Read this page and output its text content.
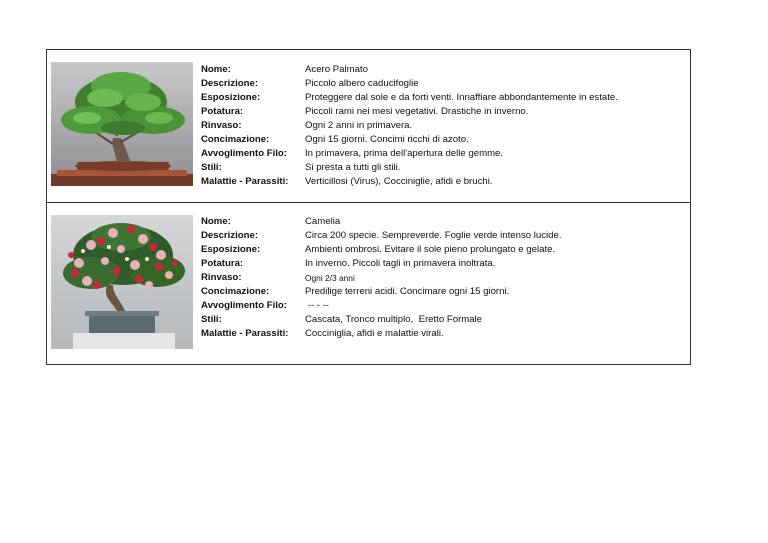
Nome:	Acero Palmato
Descrizione:	Piccolo albero caducifoglie
Esposizione:	Proteggere dal sole e da forti venti. Innaffiare abbondantemente in estate.
Potatura:	Piccoli rami nei mesi vegetativi. Drastiche in inverno.
Rinvaso:	Ogni 2 anni in primavera.
Concimazione:	Ogni 15 giorni. Concimi ricchi di azoto.
Avvoglimento Filo:	In primavera, prima dell'apertura delle gemme.
Stili:	Si presta a tutti gli stili.
Malattie - Parassiti:	Verticillosi (Virus), Cocciniglie, afidi e bruchi.
Nome:	Camelia
Descrizione:	Circa 200 specie. Sempreverde. Foglie verde intenso lucide.
Esposizione:	Ambienti ombrosi. Evitare il sole pieno prolungato e gelate.
Potatura:	In inverno. Piccoli tagli in primavera inoltrata.
Rinvaso:	Ogni 2/3 anni
Concimazione:	Predilige terreni acidi. Concimare ogni 15 giorni.
Avvoglimento Filo:	-- - --
Stili:	Cascata, Tronco multiplo,  Eretto Formale
Malattie - Parassiti:	Cocciniglia, afidi e malattie virali.
